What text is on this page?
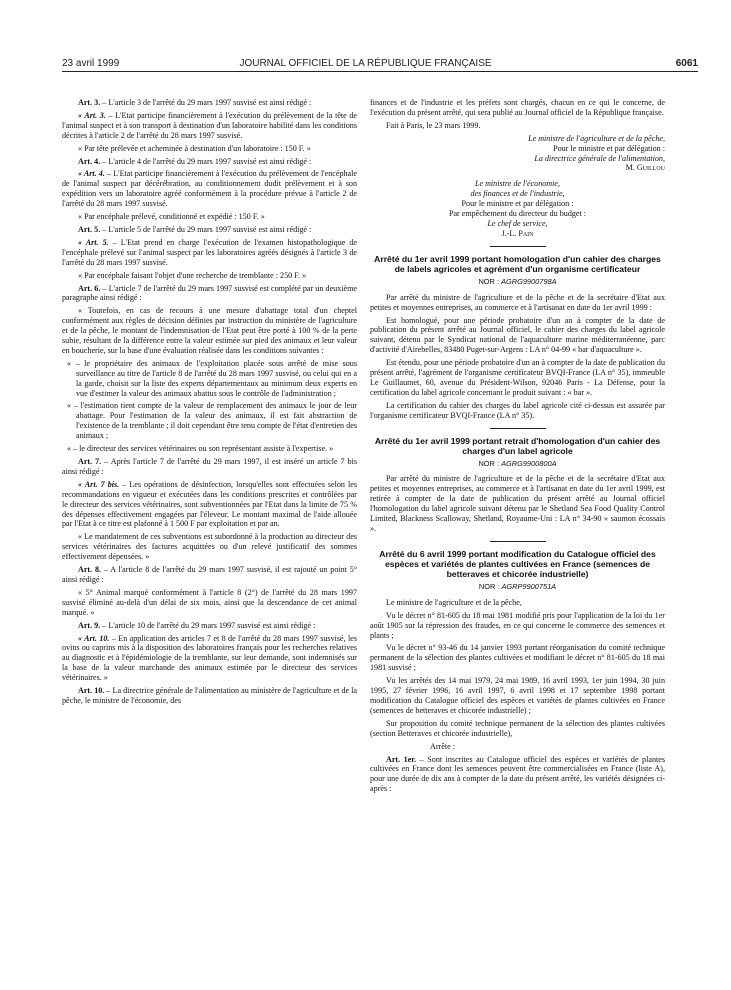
23 avril 1999	JOURNAL OFFICIEL DE LA RÉPUBLIQUE FRANÇAISE	6061

Art. 3. – L'article 3 de l'arrêté du 29 mars 1997 susvisé est ainsi rédigé :

« Art. 3. – L'Etat participe financièrement à l'exécution du prélèvement de la tête de l'animal suspect et à son transport à destination d'un laboratoire habilité dans les conditions décrites à l'article 2 de l'arrêté du 28 mars 1997 susvisé.

« Par tête prélevée et acheminée à destination d'un laboratoire : 150 F. »

Art. 4. – L'article 4 de l'arrêté du 29 mars 1997 susvisé est ainsi rédigé :

« Art. 4. – L'Etat participe financièrement à l'exécution du prélèvement de l'encéphale de l'animal suspect par décérébration, au conditionnement dudit prélèvement et à son expédition vers un laboratoire agréé conformément à la procédure prévue à l'article 2 de l'arrêté du 28 mars 1997 susvisé.

« Par encéphale prélevé, conditionné et expédié : 150 F. »

Art. 5. – L'article 5 de l'arrêté du 29 mars 1997 susvisé est ainsi rédigé :

« Art. 5. – L'Etat prend en charge l'exécution de l'examen histopathologique de l'encéphale prélevé sur l'animal suspect par les laboratoires agréés désignés à l'article 3 de l'arrêté du 28 mars 1997 susvisé.

« Par encéphale faisant l'objet d'une recherche de tremblante : 250 F. »

Art. 6. – L'article 7 de l'arrêté du 29 mars 1997 susvisé est complété par un deuxième paragraphe ainsi rédigé :

« Toutefois, en cas de recours à une mesure d'abattage total d'un cheptel conformément aux règles de décision définies par instruction du ministère de l'agriculture et de la pêche, le montant de l'indemnisation de l'Etat peut être porté à 100 % de la perte subie, résultant de la différence entre la valeur estimée sur pied des animaux et leur valeur en boucherie, sur la base d'une évaluation réalisée dans les conditions suivantes :

« – le propriétaire des animaux de l'exploitation placée sous arrêté de mise sous surveillance au titre de l'article 8 de l'arrêté du 28 mars 1997 susvisé, ou celui qui en a la garde, choisit sur la liste des experts départementaux au minimum deux experts en vue d'estimer la valeur des animaux abattus sous le contrôle de l'administration ;

« – l'estimation tient compte de la valeur de remplacement des animaux le jour de leur abattage. Pour l'estimation de la valeur des animaux, il est fait abstraction de l'existence de la tremblante ; il doit cependant être tenu compte de l'état d'entretien des animaux ;

« – le directeur des services vétérinaires ou son représentant assiste à l'expertise. »

Art. 7. – Après l'article 7 de l'arrêté du 29 mars 1997, il est inséré un article 7 bis ainsi rédigé :

« Art. 7 bis. – Les opérations de désinfection, lorsqu'elles sont effectuées selon les recommandations en vigueur et exécutées dans les conditions prescrites et contrôlées par le directeur des services vétérinaires, sont subventionnées par l'Etat dans la limite de 75 % des dépenses effectivement engagées par l'éleveur. Le montant maximal de l'aide allouée par l'Etat à ce titre est plafonné à 1 500 F par exploitation et par an.

« Le mandatement de ces subventions est subordonné à la production au directeur des services vétérinaires des factures acquittées ou d'un relevé justificatif des sommes effectivement dépensées. »

Art. 8. – A l'article 8 de l'arrêté du 29 mars 1997 susvisé, il est rajouté un point 5° ainsi rédigé :

« 5° Animal marqué conformément à l'article 8 (2°) de l'arrêté du 28 mars 1997 susvisé éliminé au-delà d'un délai de six mois, ainsi que la descendance de cet animal marqué. »

Art. 9. – L'article 10 de l'arrêté du 29 mars 1997 susvisé est ainsi rédigé :

« Art. 10. – En application des articles 7 et 8 de l'arrêté du 28 mars 1997 susvisé, les ovins ou caprins mis à la disposition des laboratoires français pour les recherches relatives au diagnostic et à l'épidémiologie de la tremblante, sur leur demande, sont indemnisés sur la base de la valeur marchande des animaux estimée par le directeur des services vétérinaires. »

Art. 10. – La directrice générale de l'alimentation au ministère de l'agriculture et de la pêche, le ministre de l'économie, des

finances et de l'industrie et les préfets sont chargés, chacun en ce qui le concerne, de l'exécution du présent arrêté, qui sera publié au Journal officiel de la République française.

Fait à Paris, le 23 mars 1999.

Le ministre de l'agriculture et de la pêche,

Pour le ministre et par délégation :

La directrice générale de l'alimentation,

M. Guillou

Le ministre de l'économie,

des finances et de l'industrie,

Pour le ministre et par délégation :

Par empêchement du directeur du budget :

Le chef de service,

J.-L. Pain

Arrêté du 1er avril 1999 portant homologation d'un cahier des charges de labels agricoles et agrément d'un organisme certificateur
NOR : AGRG9900798A

Par arrêté du ministre de l'agriculture et de la pêche et de la secrétaire d'Etat aux petites et moyennes entreprises, au commerce et à l'artisanat en date du 1er avril 1999 :

Est homologué, pour une période probatoire d'un an à compter de la date de publication du présent arrêté au Journal officiel, le cahier des charges du label agricole suivant, détenu par le Syndicat national de l'aquaculture marine méditerranéenne, parc d'activité d'Airebelles, 83480 Puget-sur-Argens : LA n° 04-99 « bar d'aquaculture ».

Est étendu, pour une période probatoire d'un an à compter de la date de publication du présent arrêté, l'agrément de l'organisme certificateur BVQI-France (LA n° 35), immeuble Le Guillaumet, 60, avenue du Président-Wilson, 92046 Paris - La Défense, pour la certification du label agricole concernant le produit suivant : « bar ».

La certification du cahier des charges du label agricole cité ci-dessus est assurée par l'organisme certificateur BVQI-France (LA n° 35).

Arrêté du 1er avril 1999 portant retrait d'homologation d'un cahier des charges d'un label agricole
NOR : AGRG9900800A

Par arrêté du ministre de l'agriculture et de la pêche et de la secrétaire d'Etat aux petites et moyennes entreprises, au commerce et à l'artisanat en date du 1er avril 1999, est retirée à compter de la date de publication du présent arrêté au Journal officiel l'homologation du label agricole suivant détenu par le Shetland Sea Food Quality Control Limited, Blackness Scalloway, Shetland, Royaume-Uni : LA n° 34-90 « saumon écossais ».

Arrêté du 6 avril 1999 portant modification du Catalogue officiel des espèces et variétés de plantes cultivées en France (semences de betteraves et chicorée industrielle)
NOR : AGRP9900751A

Le ministre de l'agriculture et de la pêche,

Vu le décret n° 81-605 du 18 mai 1981 modifié pris pour l'application de la loi du 1er août 1905 sur la répression des fraudes, en ce qui concerne le commerce des semences et plants ;

Vu le décret n° 93-46 du 14 janvier 1993 portant réorganisation du comité technique permanent de la sélection des plantes cultivées et modifiant le décret n° 81-605 du 18 mai 1981 susvisé ;

Vu les arrêtés des 14 mai 1979, 24 mai 1989, 16 avril 1993, 1er juin 1994, 30 juin 1995, 27 février 1996, 16 avril 1997, 6 avril 1998 et 17 septembre 1998 portant modification du Catalogue officiel des espèces et variétés de plantes cultivées en France (semences de betteraves et chicorée industrielle) ;

Sur proposition du comité technique permanent de la sélection des plantes cultivées (section Betteraves et chicorée industrielle),

Arrête :

Art. 1er. – Sont inscrites au Catalogue officiel des espèces et variétés de plantes cultivées en France dont les semences peuvent être commercialisées en France (liste A), pour une durée de dix ans à compter de la date du présent arrêté, les variétés désignées ci-après :
